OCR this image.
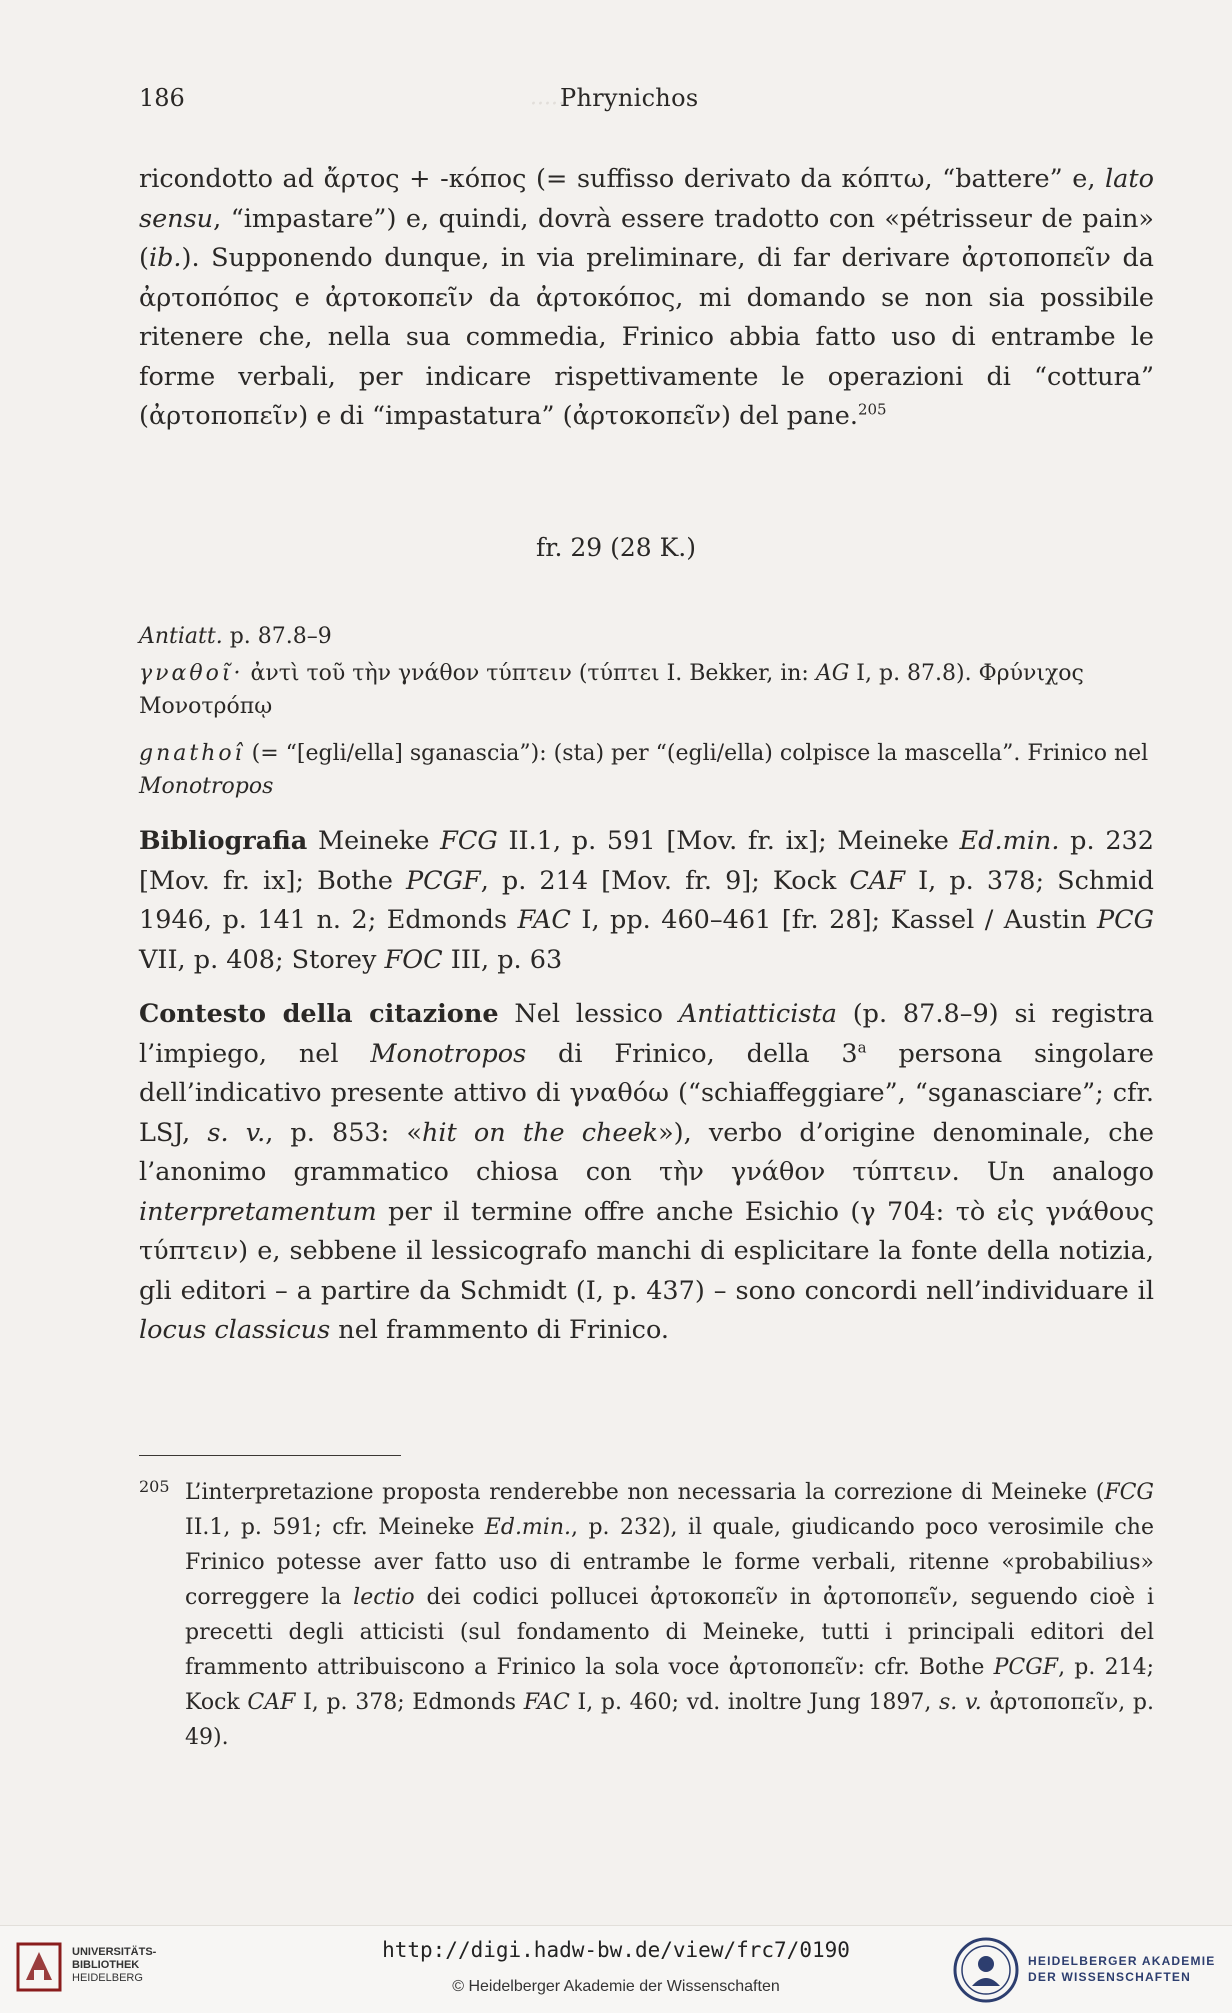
·····
186	Phrynichos

ricondotto ad ἄρτος + -κόπος (= suffisso derivato da κόπτω, “battere” e, lato sensu, “impastare”) e, quindi, dovrà essere tradotto con «pétrisseur de pain» (ib.). Supponendo dunque, in via preliminare, di far derivare ἀρτοποπεῖν da ἀρτοπόπος e ἀρτοκοπεῖν da ἀρτοκόπος, mi domando se non sia possibile ritenere che, nella sua commedia, Frinico abbia fatto uso di entrambe le forme verbali, per indicare rispettivamente le operazioni di “cottura” (ἀρτοποπεῖν) e di “impastatura” (ἀρτοκοπεῖν) del pane.$^{205}$

fr. 29 (28 K.)

Antiatt. p. 87.8–9

γναθοῖ· ἀντὶ τοῦ τὴν γνάθον τύπτειν (τύπτει I. Bekker, in: AG I, p. 87.8). Φρύνιχος Μονοτρόπῳ

gnathoî (= “[egli/ella] sganascia”): (sta) per “(egli/ella) colpisce la mascella”. Frinico nel Monotropos

Bibliografia Meineke FCG II.1, p. 591 [Mov. fr. ix]; Meineke Ed.min. p. 232 [Mov. fr. ix]; Bothe PCGF, p. 214 [Mov. fr. 9]; Kock CAF I, p. 378; Schmid 1946, p. 141 n. 2; Edmonds FAC I, pp. 460–461 [fr. 28]; Kassel / Austin PCG VII, p. 408; Storey FOC III, p. 63
Contesto della citazione Nel lessico Antiatticista (p. 87.8–9) si registra l’impiego, nel Monotropos di Frinico, della 3$^a$ persona singolare dell’indicativo presente attivo di γναθόω (“schiaffeggiare”, “sganasciare”; cfr. LSJ, s. v., p. 853: «hit on the cheek»), verbo d’origine denominale, che l’anonimo grammatico chiosa con τὴν γνάθον τύπτειν. Un analogo interpretamentum per il termine offre anche Esichio (γ 704: τὸ εἰς γνάθους τύπτειν) e, sebbene il lessicografo manchi di esplicitare la fonte della notizia, gli editori – a partire da Schmidt (I, p. 437) – sono concordi nell’individuare il locus classicus nel frammento di Frinico.
205 L’interpretazione proposta renderebbe non necessaria la correzione di Meineke (FCG II.1, p. 591; cfr. Meineke Ed.min., p. 232), il quale, giudicando poco verosimile che Frinico potesse aver fatto uso di entrambe le forme verbali, ritenne «probabilius» correggere la lectio dei codici pollucei ἀρτοκοπεῖν in ἀρτοποπεῖν, seguendo cioè i precetti degli atticisti (sul fondamento di Meineke, tutti i principali editori del frammento attribuiscono a Frinico la sola voce ἀρτοποπεῖν: cfr. Bothe PCGF, p. 214; Kock CAF I, p. 378; Edmonds FAC I, p. 460; vd. inoltre Jung 1897, s. v. ἀρτοποπεῖν, p. 49).
UNIVERSITÄTS-
BIBLIOTHEK
HEIDELBERG
http://digi.hadw-bw.de/view/frc7/0190
© Heidelberger Akademie der Wissenschaften
HEIDELBERGER AKADEMIE
DER WISSENSCHAFTEN
